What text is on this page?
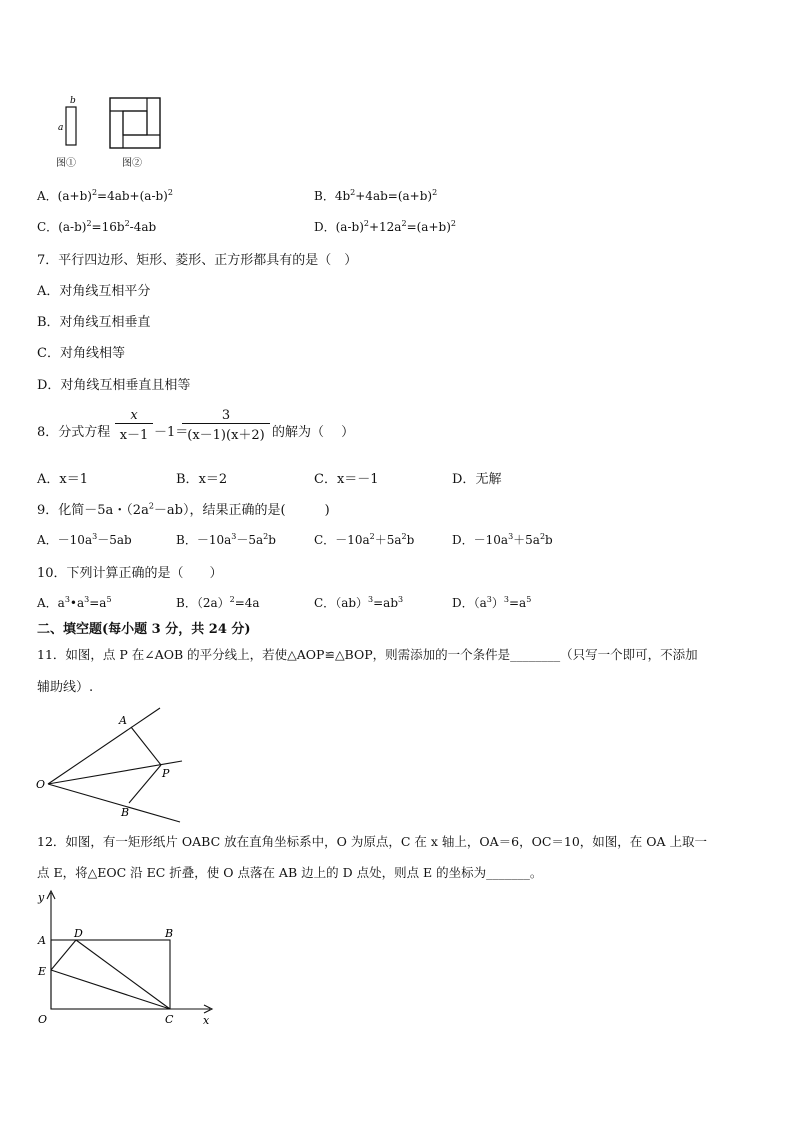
b
a
图①	图②
A．$(a+b)^2=4ab+(a-b)^2$	B．$4b^2+4ab=(a+b)^2$
C．$(a-b)^2=16b^2-4ab$	D．$(a-b)^2+12a^2=(a+b)^2$
7．平行四边形、矩形、菱形、正方形都具有的是（　）
A．对角线互相平分
B．对角线互相垂直
C．对角线相等
D．对角线互相垂直且相等
8．分式方程 $\frac{x}{x-1} -1=$
$\frac{3}{(x-1)(x+2)}$ 的解为（　 ）
A．x＝1	B．x＝2	C．x＝－1	D．无解
9．化简－5a・$(2a^2-ab)$，结果正确的是(　　　)
A．$-10a^3-5ab$	B．$-10a^3-5a^2b$	C．$-10a^2+5a^2b$	D．$-10a^3+5a^2b$
10．下列计算正确的是（　　）
A．$a^3•a^3=a^5$	B．$(2a)^2=4a$	C．$(ab)^3=ab^3$	D．$(a^3)^3=a^5$
二、填空题(每小题 3 分，共 24 分)
11．如图，点 P 在∠AOB 的平分线上，若使△AOP≌△BOP，则需添加的一个条件是________（只写一个即可，不添加
辅助线）.
A
O
P
B
12．如图，有一矩形纸片 OABC 放在直角坐标系中，O 为原点，C 在 x 轴上，OA＝6，OC＝10，如图，在 OA 上取一
点 E，将△EOC 沿 EC 折叠，使 O 点落在 AB 边上的 D 点处，则点 E 的坐标为_______。
y
A
D	B
E
O	C	x
